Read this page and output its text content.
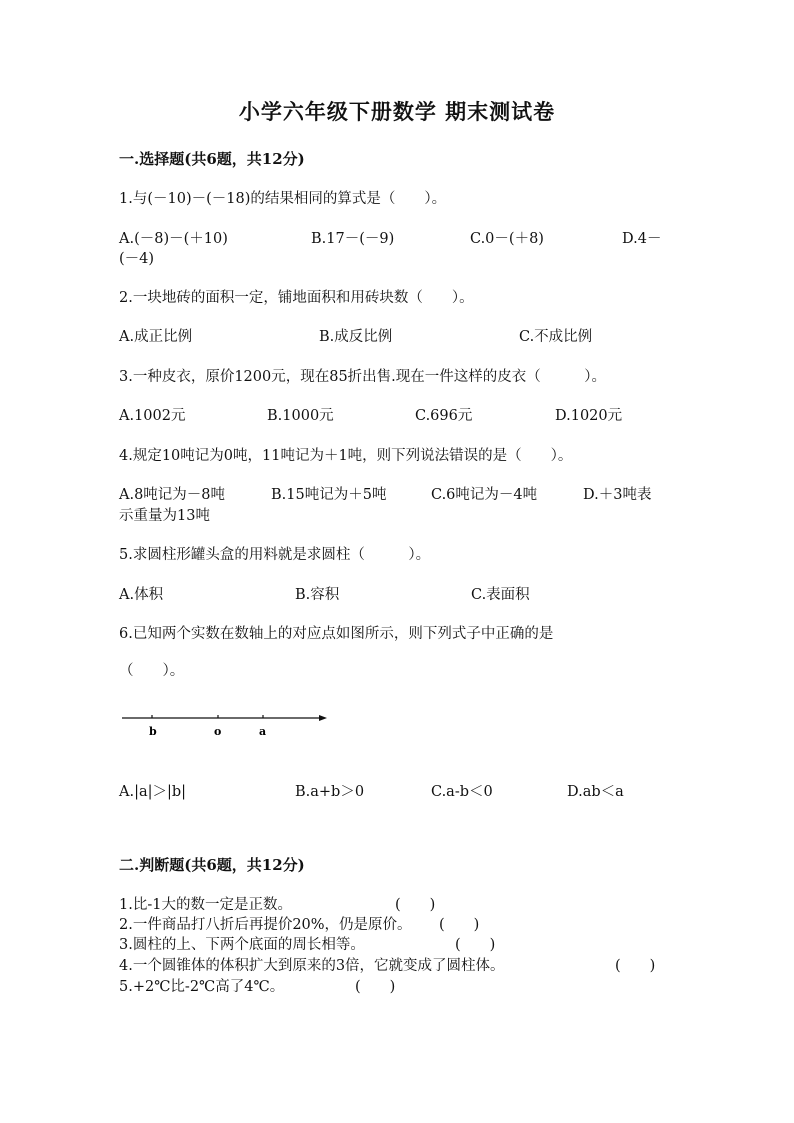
小学六年级下册数学 期末测试卷
一.选择题(共6题，共12分)
1.与(－10)－(－18)的结果相同的算式是（　　）。
A.(－8)－(＋10)	B.17－(－9)	C.0－(＋8)	D.4－
(－4)
2.一块地砖的面积一定，铺地面积和用砖块数（　　）。
A.成正比例	B.成反比例	C.不成比例
3.一种皮衣，原价1200元，现在85折出售.现在一件这样的皮衣（　　　）。
A.1002元	B.1000元	C.696元	D.1020元
4.规定10吨记为0吨，11吨记为＋1吨，则下列说法错误的是（　　）。
A.8吨记为－8吨	B.15吨记为＋5吨	C.6吨记为－4吨	D.＋3吨表
示重量为13吨
5.求圆柱形罐头盒的用料就是求圆柱（　　　）。
A.体积	B.容积	C.表面积
6.已知两个实数在数轴上的对应点如图所示，则下列式子中正确的是
（　　）。
b	o	a
A.|a|＞|b|	B.a+b＞0	C.a-b＜0	D.ab＜a
二.判断题(共6题，共12分)
1.比-1大的数一定是正数。	(　　)
2.一件商品打八折后再提价20%，仍是原价。 (　　)
3.圆柱的上、下两个底面的周长相等。	(　　)
4.一个圆锥体的体积扩大到原来的3倍，它就变成了圆柱体。	(　　)
5.+2℃比-2℃高了4℃。	(　　)
